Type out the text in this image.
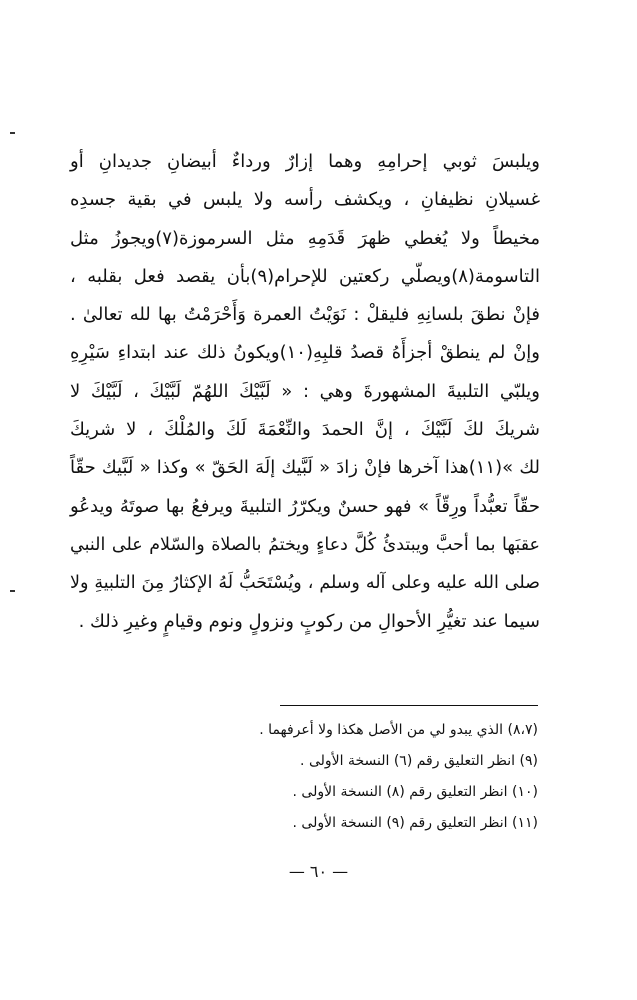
ويلبسَ ثوبي إحرامِهِ وهما إزارٌ ورداءٌ أبيضانِ جديدانِ أو
غسيلانِ نظيفانِ ، ويكشف رأسه ولا يلبس في بقية جسدِه
مخيطاً ولا يُغطي ظهرَ قَدَمِهِ مثل السرموزة(٧)ويجوزُ مثل
التاسومة(٨)ويصلّي ركعتين للإحرام(٩)بأن يقصد فعل بقلبه ،
فإنْ نطقَ بلسانِهِ فليقلْ : نَوَيْتُ العمرة وَأَحْرَمْتُ بها لله تعالىٰ .
وإنْ لم ينطقْ أجزأَهُ قصدُ قلبِهِ(١٠)ويكونُ ذلك عند ابتداءِ سَيْرِهِ
ويلبّي التلبيةَ المشهورةَ وهي : « لَبَّيْكَ اللهُمّ لَبَّيْكَ ، لَبَّيْكَ لا
شريكَ لكَ لَبَّيْكَ ، إنَّ الحمدَ والنِّعْمَةَ لَكَ والمُلْكَ ، لا شريكَ
لك »(١١)هذا آخرها فإنْ زادَ « لَبَّيك إلَهَ الحَقّ » وكذا « لَبَّيك حقّاً
حقّاً تعبُّداً ورِقّاً » فهو حسنٌ ويكرّرُ التلبيةَ ويرفعُ بها صوتَهُ ويدعُو
عقبَها بما أحبَّ ويبتدئُ كُلَّ دعاءٍ ويختمُ بالصلاة والسّلام على النبي
صلى الله عليه وعلى آله وسلم ، ويُسْتَحَبُّ لَهُ الإكثارُ مِنَ التلبيةِ ولا
سيما عند تغيُّرِ الأحوالِ من ركوبٍ ونزولٍ ونوم وقيامٍ وغيرِ ذلك .
(٨،٧) الذي يبدو لي من الأصل هكذا ولا أعرفهما .
(٩) انظر التعليق رقم (٦) النسخة الأولى .
(١٠) انظر التعليق رقم (٨) النسخة الأولى .
(١١) انظر التعليق رقم (٩) النسخة الأولى .
— ٦٠ —
